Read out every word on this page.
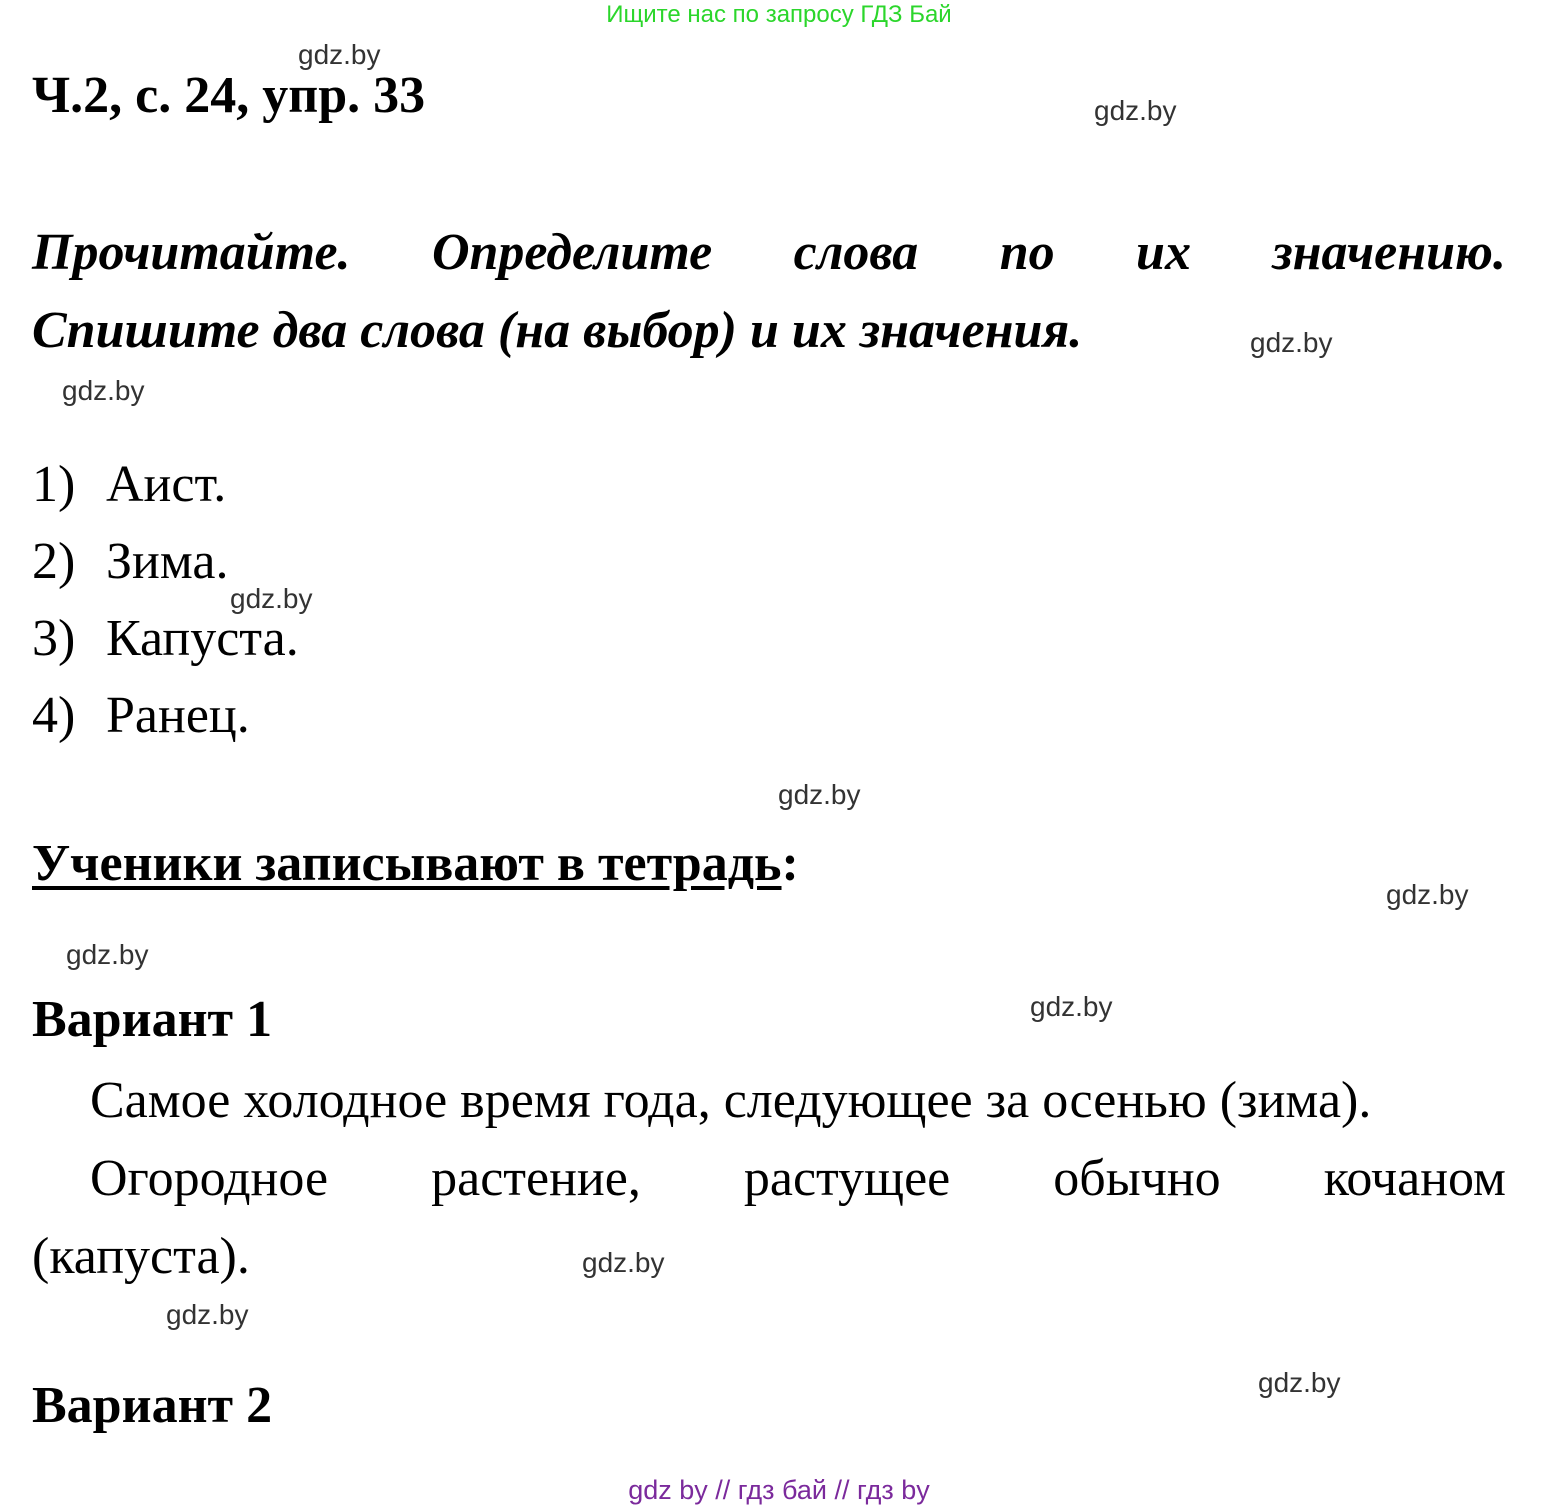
Ищите нас по запросу ГДЗ Бай
Ч.2, с. 24, упр. 33
Прочитайте. Определите слова по их значению.
Спишите два слова (на выбор) и их значения.
1) Аист.
2) Зима.
3) Капуста.
4) Ранец.
Ученики записывают в тетрадь:
Вариант 1
Самое холодное время года, следующее за осенью (зима).
Огородное растение, растущее обычно кочаном
(капуста).
Вариант 2
gdz.by
gdz.by
gdz.by
gdz.by
gdz.by
gdz.by
gdz.by
gdz.by
gdz.by
gdz.by
gdz.by
gdz.by
gdz by // гдз бай // гдз by
